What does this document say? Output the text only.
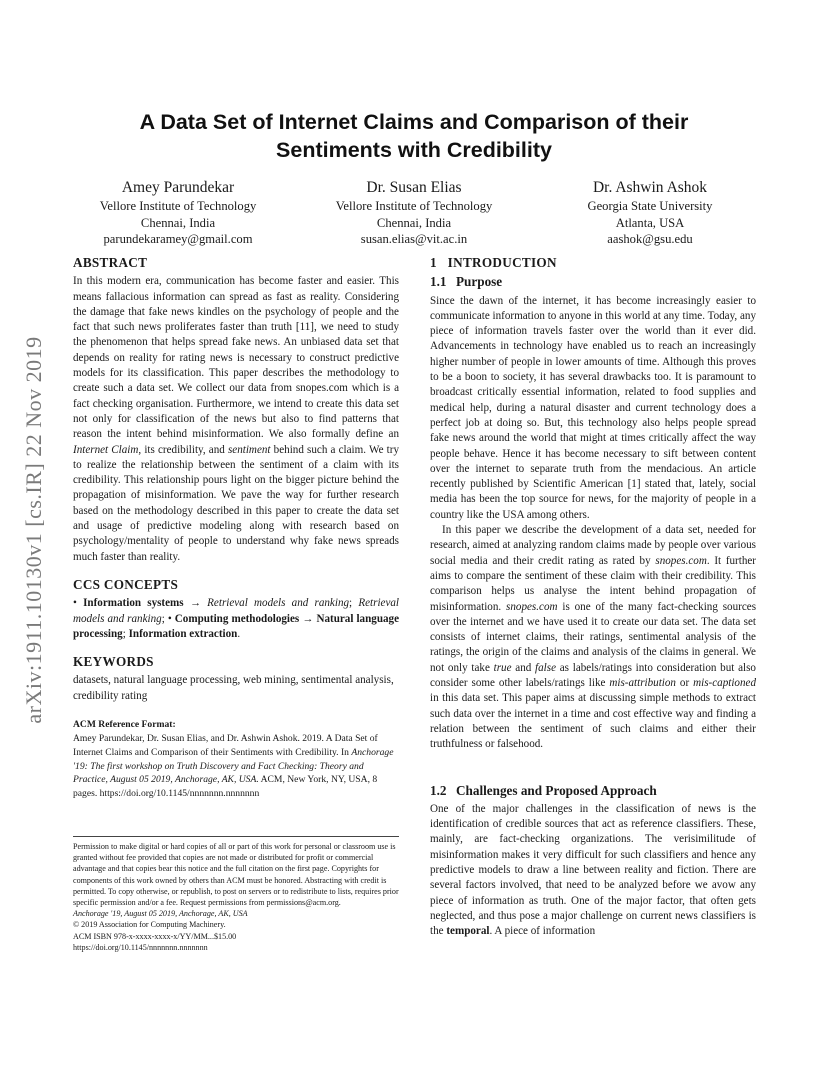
arXiv:1911.10130v1 [cs.IR] 22 Nov 2019
A Data Set of Internet Claims and Comparison of their
Sentiments with Credibility
Amey Parundekar
Vellore Institute of Technology
Chennai, India
parundekaramey@gmail.com
Dr. Susan Elias
Vellore Institute of Technology
Chennai, India
susan.elias@vit.ac.in
Dr. Ashwin Ashok
Georgia State University
Atlanta, USA
aashok@gsu.edu
ABSTRACT

In this modern era, communication has become faster and easier. This means fallacious information can spread as fast as reality. Considering the damage that fake news kindles on the psychology of people and the fact that such news proliferates faster than truth [11], we need to study the phenomenon that helps spread fake news. An unbiased data set that depends on reality for rating news is necessary to construct predictive models for its classification. This paper describes the methodology to create such a data set. We collect our data from snopes.com which is a fact checking organisation. Furthermore, we intend to create this data set not only for classification of the news but also to find patterns that reason the intent behind misinformation. We also formally define an Internet Claim, its credibility, and sentiment behind such a claim. We try to realize the relationship between the sentiment of a claim with its credibility. This relationship pours light on the bigger picture behind the propagation of misinformation. We pave the way for further research based on the methodology described in this paper to create the data set and usage of predictive modeling along with research based on psychology/mentality of people to understand why fake news spreads much faster than reality.

CCS CONCEPTS

• Information systems → Retrieval models and ranking; Retrieval models and ranking; • Computing methodologies → Natural language processing; Information extraction.

KEYWORDS

datasets, natural language processing, web mining, sentimental analysis, credibility rating

ACM Reference Format:

Amey Parundekar, Dr. Susan Elias, and Dr. Ashwin Ashok. 2019. A Data Set of Internet Claims and Comparison of their Sentiments with Credibility. In Anchorage '19: The first workshop on Truth Discovery and Fact Checking: Theory and Practice, August 05 2019, Anchorage, AK, USA. ACM, New York, NY, USA, 8 pages. https://doi.org/10.1145/nnnnnnn.nnnnnnn

Permission to make digital or hard copies of all or part of this work for personal or classroom use is granted without fee provided that copies are not made or distributed for profit or commercial advantage and that copies bear this notice and the full citation on the first page. Copyrights for components of this work owned by others than ACM must be honored. Abstracting with credit is permitted. To copy otherwise, or republish, to post on servers or to redistribute to lists, requires prior specific permission and/or a fee. Request permissions from permissions@acm.org.
Anchorage '19, August 05 2019, Anchorage, AK, USA
© 2019 Association for Computing Machinery.
ACM ISBN 978-x-xxxx-xxxx-x/YY/MM...$15.00
https://doi.org/10.1145/nnnnnnn.nnnnnnn
1   INTRODUCTION
1.1 Purpose

Since the dawn of the internet, it has become increasingly easier to communicate information to anyone in this world at any time. Today, any piece of information travels faster over the world than it ever did. Advancements in technology have enabled us to reach an increasingly higher number of people in lower amounts of time. Although this proves to be a boon to society, it has several drawbacks too. It is paramount to broadcast critically essential information, related to food supplies and medical help, during a natural disaster and current technology does a perfect job at doing so. But, this technology also helps people spread fake news around the world that might at times critically affect the way people behave. Hence it has become necessary to sift between content over the internet to separate truth from the mendacious. An article recently published by Scientific American [1] stated that, lately, social media has been the top source for news, for the majority of people in a country like the USA among others.

In this paper we describe the development of a data set, needed for research, aimed at analyzing random claims made by people over various social media and their credit rating as rated by snopes.com. It further aims to compare the sentiment of these claim with their credibility. This comparison helps us analyse the intent behind propagation of misinformation. snopes.com is one of the many fact-checking sources over the internet and we have used it to create our data set. The data set consists of internet claims, their ratings, sentimental analysis of the ratings, the origin of the claims and analysis of the claims in general. We not only take true and false as labels/ratings into consideration but also consider some other labels/ratings like mis-attribution or mis-captioned in this data set. This paper aims at discussing simple methods to extract such data over the internet in a time and cost effective way and finding a relation between the sentiment of such claims and either their truthfulness or falsehood.

1.2 Challenges and Proposed Approach

One of the major challenges in the classification of news is the identification of credible sources that act as reference classifiers. These, mainly, are fact-checking organizations. The verisimilitude of misinformation makes it very difficult for such classifiers and hence any predictive models to draw a line between reality and fiction. There are several factors involved, that need to be analyzed before we avow any piece of information as truth. One of the major factor, that often gets neglected, and thus pose a major challenge on current news classifiers is the temporal. A piece of information
